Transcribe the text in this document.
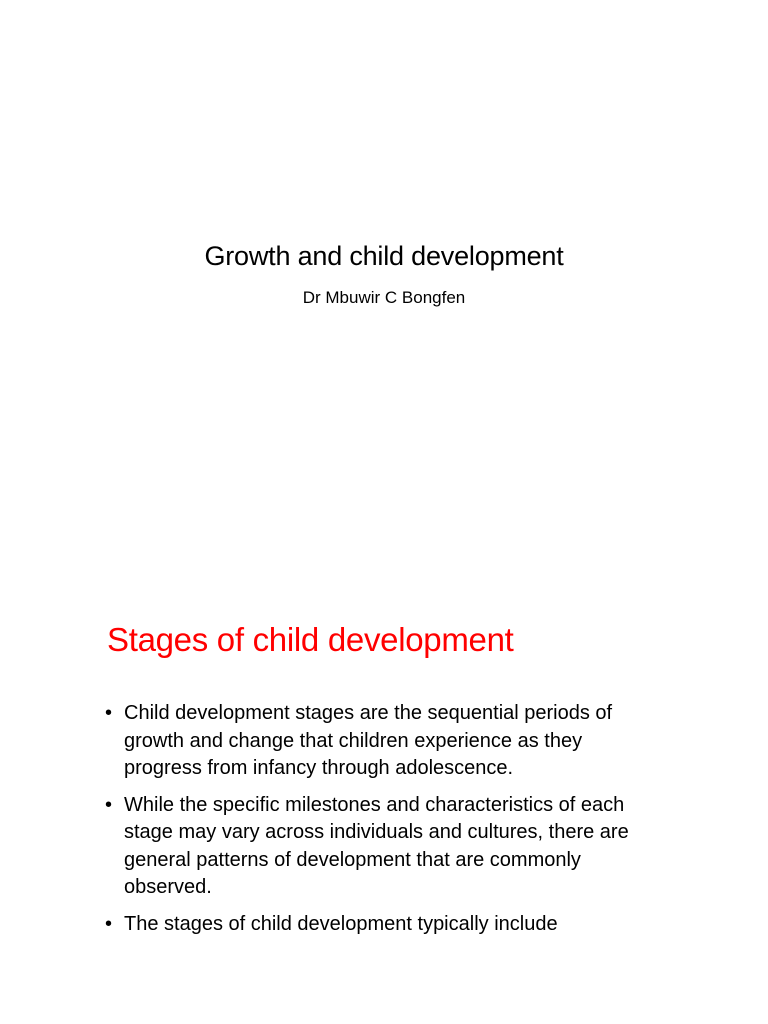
Growth and child development
Dr Mbuwir C Bongfen
Stages of child development
• Child development stages are the sequential periods of growth and change that children experience as they progress from infancy through adolescence.
• While the specific milestones and characteristics of each stage may vary across individuals and cultures, there are general patterns of development that are commonly observed.
• The stages of child development typically include
